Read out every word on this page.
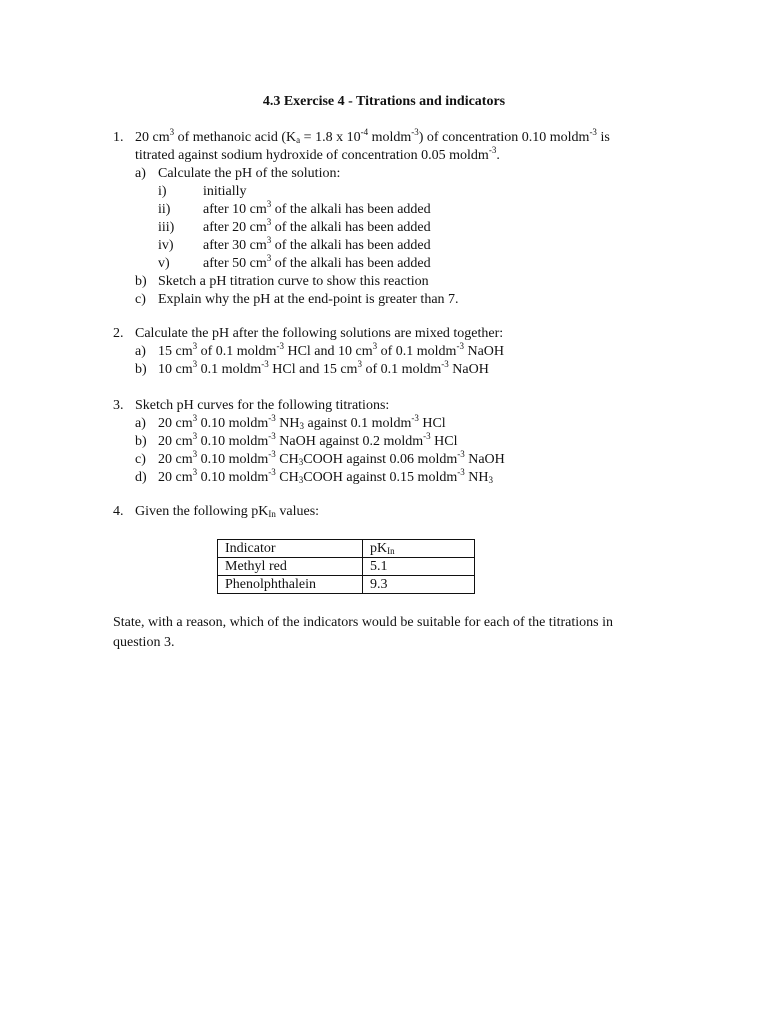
4.3 Exercise 4 - Titrations and indicators
1. 20 $cm^3$ of methanoic acid ($K_a = 1.8$ x $10^{-4}$ moldm$^{-3}$) of concentration 0.10 moldm$^{-3}$ is
titrated against sodium hydroxide of concentration 0.05 moldm$^{-3}$.
a) Calculate the pH of the solution:
i)	initially
ii) after 10 $cm^3$ of the alkali has been added
iii) after 20 $cm^3$ of the alkali has been added
iv) after 30 $cm^3$ of the alkali has been added
v) after 50 $cm^3$ of the alkali has been added
b) Sketch a pH titration curve to show this reaction
c) Explain why the pH at the end-point is greater than 7.
2. Calculate the pH after the following solutions are mixed together:
a) 15 $cm^3$ of 0.1 moldm$^{-3}$ HCl and 10 $cm^3$ of 0.1 moldm$^{-3}$ NaOH
b) 10 $cm^3$ 0.1 moldm$^{-3}$ HCl and 15 $cm^3$ of 0.1 moldm$^{-3}$ NaOH
3. Sketch pH curves for the following titrations:
a) 20 $cm^3$ 0.10 moldm$^{-3}$ $NH_3$ against 0.1 moldm$^{-3}$ HCl
b) 20 $cm^3$ 0.10 moldm$^{-3}$ NaOH against 0.2 moldm$^{-3}$ HCl
c) 20 $cm^3$ 0.10 moldm$^{-3}$ $CH_3COOH$ against 0.06 moldm$^{-3}$ NaOH
d) 20 $cm^3$ 0.10 moldm$^{-3}$ $CH_3COOH$ against 0.15 moldm$^{-3}$ $NH_3$
4. Given the following $pK_{In}$ values:
Indicator	$pK_{In}$
Methyl red	5.1
Phenolphthalein	9.3
State, with a reason, which of the indicators would be suitable for each of the titrations in question 3.
